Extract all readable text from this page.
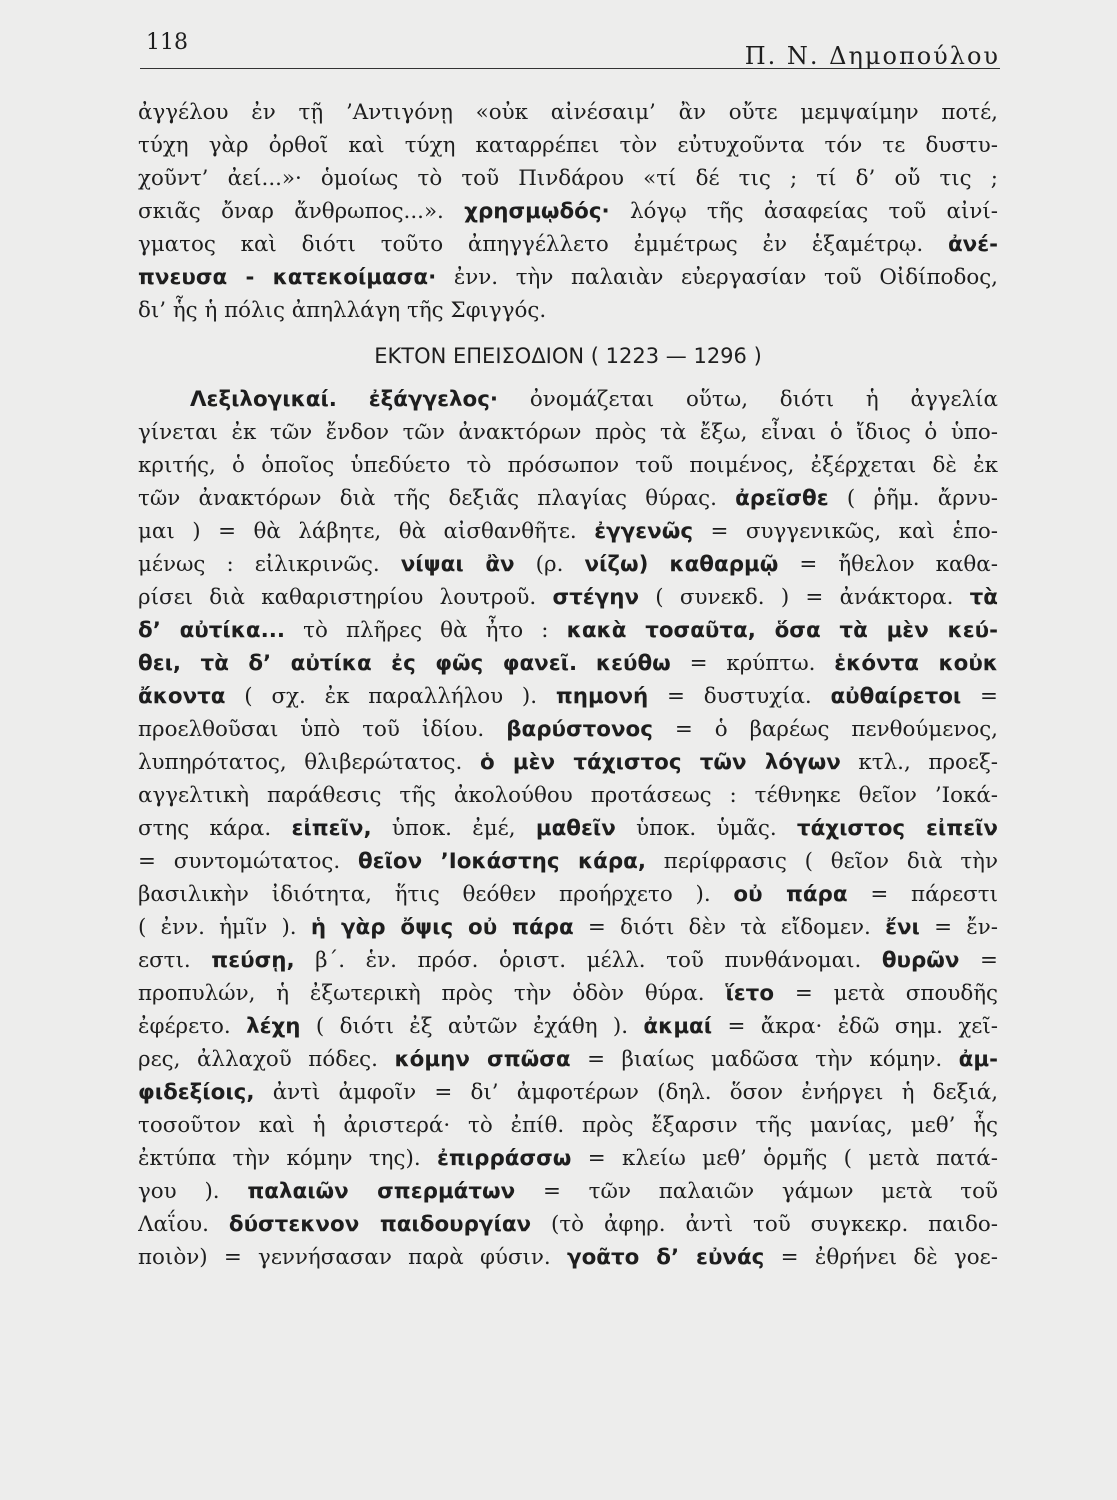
118	Π. Ν. Δημοπούλου
ἀγγέλου ἐν τῇ ’Αντιγόνῃ «οὐκ αἰνέσαιμ’ ἂν οὔτε μεμψαίμην ποτέ,
τύχη γὰρ ὀρθοῖ καὶ τύχη καταρρέπει τὸν εὐτυχοῦντα τόν τε δυστυ-
χοῦντ’ ἀεί...»· ὁμοίως τὸ τοῦ Πινδάρου «τί δέ τις ; τί δ’ οὔ τις ;
σκιᾶς ὄναρ ἄνθρωπος...». χρησμῳδός· λόγῳ τῆς ἀσαφείας τοῦ αἰνί-
γματος καὶ διότι τοῦτο ἀπηγγέλλετο ἐμμέτρως ἐν ἑξαμέτρῳ. ἀνέ-
πνευσα - κατεκοίμασα· ἐνν. τὴν παλαιὰν εὐεργασίαν τοῦ Οἰδίποδος,
δι’ ἧς ἡ πόλις ἀπηλλάγη τῆς Σφιγγός.
ΕΚΤΟΝ ΕΠΕΙΣΟΔΙΟΝ ( 1223 — 1296 )
Λεξιλογικαί. ἐξάγγελος· ὀνομάζεται οὕτω, διότι ἡ ἀγγελία
γίνεται ἐκ τῶν ἔνδον τῶν ἀνακτόρων πρὸς τὰ ἔξω, εἶναι ὁ ἴδιος ὁ ὑπο-
κριτής, ὁ ὁποῖος ὑπεδύετο τὸ πρόσωπον τοῦ ποιμένος, ἐξέρχεται δὲ ἐκ
τῶν ἀνακτόρων διὰ τῆς δεξιᾶς πλαγίας θύρας. ἀρεῖσθε ( ῥῆμ. ἄρνυ-
μαι ) = θὰ λάβητε, θὰ αἰσθανθῆτε. ἐγγενῶς = συγγενικῶς, καὶ ἑπο-
μένως : εἰλικρινῶς. νίψαι ἂν (ρ. νίζω) καθαρμῷ = ἤθελον καθα-
ρίσει διὰ καθαριστηρίου λουτροῦ. στέγην ( συνεκδ. ) = ἀνάκτορα. τὰ
δ’ αὐτίκα... τὸ πλῆρες θὰ ἦτο : κακὰ τοσαῦτα, ὅσα τὰ μὲν κεύ-
θει, τὰ δ’ αὐτίκα ἐς φῶς φανεῖ. κεύθω = κρύπτω. ἑκόντα κοὐκ
ἄκοντα ( σχ. ἐκ παραλλήλου ). πημονή = δυστυχία. αὐθαίρετοι =
προελθοῦσαι ὑπὸ τοῦ ἰδίου. βαρύστονος = ὁ βαρέως πενθούμενος,
λυπηρότατος, θλιβερώτατος. ὁ μὲν τάχιστος τῶν λόγων κτλ., προεξ-
αγγελτικὴ παράθεσις τῆς ἀκολούθου προτάσεως : τέθνηκε θεῖον ’Ιοκά-
στης κάρα. εἰπεῖν, ὑποκ. ἐμέ, μαθεῖν ὑποκ. ὑμᾶς. τάχιστος εἰπεῖν
= συντομώτατος. θεῖον ’Ιοκάστης κάρα, περίφρασις ( θεῖον διὰ τὴν
βασιλικὴν ἰδιότητα, ἥτις θεόθεν προήρχετο ). οὐ πάρα = πάρεστι
( ἐνν. ἡμῖν ). ἡ γὰρ ὄψις οὐ πάρα = διότι δὲν τὰ εἴδομεν. ἔνι = ἔν-
εστι. πεύσῃ, β΄. ἑν. πρόσ. ὁριστ. μέλλ. τοῦ πυνθάνομαι. θυρῶν =
προπυλών, ἡ ἐξωτερικὴ πρὸς τὴν ὁδὸν θύρα. ἵετο = μετὰ σπουδῆς
ἐφέρετο. λέχη ( διότι ἐξ αὐτῶν ἐχάθη ). ἀκμαί = ἄκρα· ἐδῶ σημ. χεῖ-
ρες, ἀλλαχοῦ πόδες. κόμην σπῶσα = βιαίως μαδῶσα τὴν κόμην. ἀμ-
φιδεξίοις, ἀντὶ ἀμφοῖν = δι’ ἀμφοτέρων (δηλ. ὅσον ἐνήργει ἡ δεξιά,
τοσοῦτον καὶ ἡ ἀριστερά· τὸ ἐπίθ. πρὸς ἔξαρσιν τῆς μανίας, μεθ’ ἧς
ἐκτύπα τὴν κόμην της). ἐπιρράσσω = κλείω μεθ’ ὁρμῆς ( μετὰ πατά-
γου ). παλαιῶν σπερμάτων = τῶν παλαιῶν γάμων μετὰ τοῦ
Λαΐου. δύστεκνον παιδουργίαν (τὸ ἀφηρ. ἀντὶ τοῦ συγκεκρ. παιδο-
ποιὸν) = γεννήσασαν παρὰ φύσιν. γοᾶτο δ’ εὐνάς = ἐθρήνει δὲ γοε-
